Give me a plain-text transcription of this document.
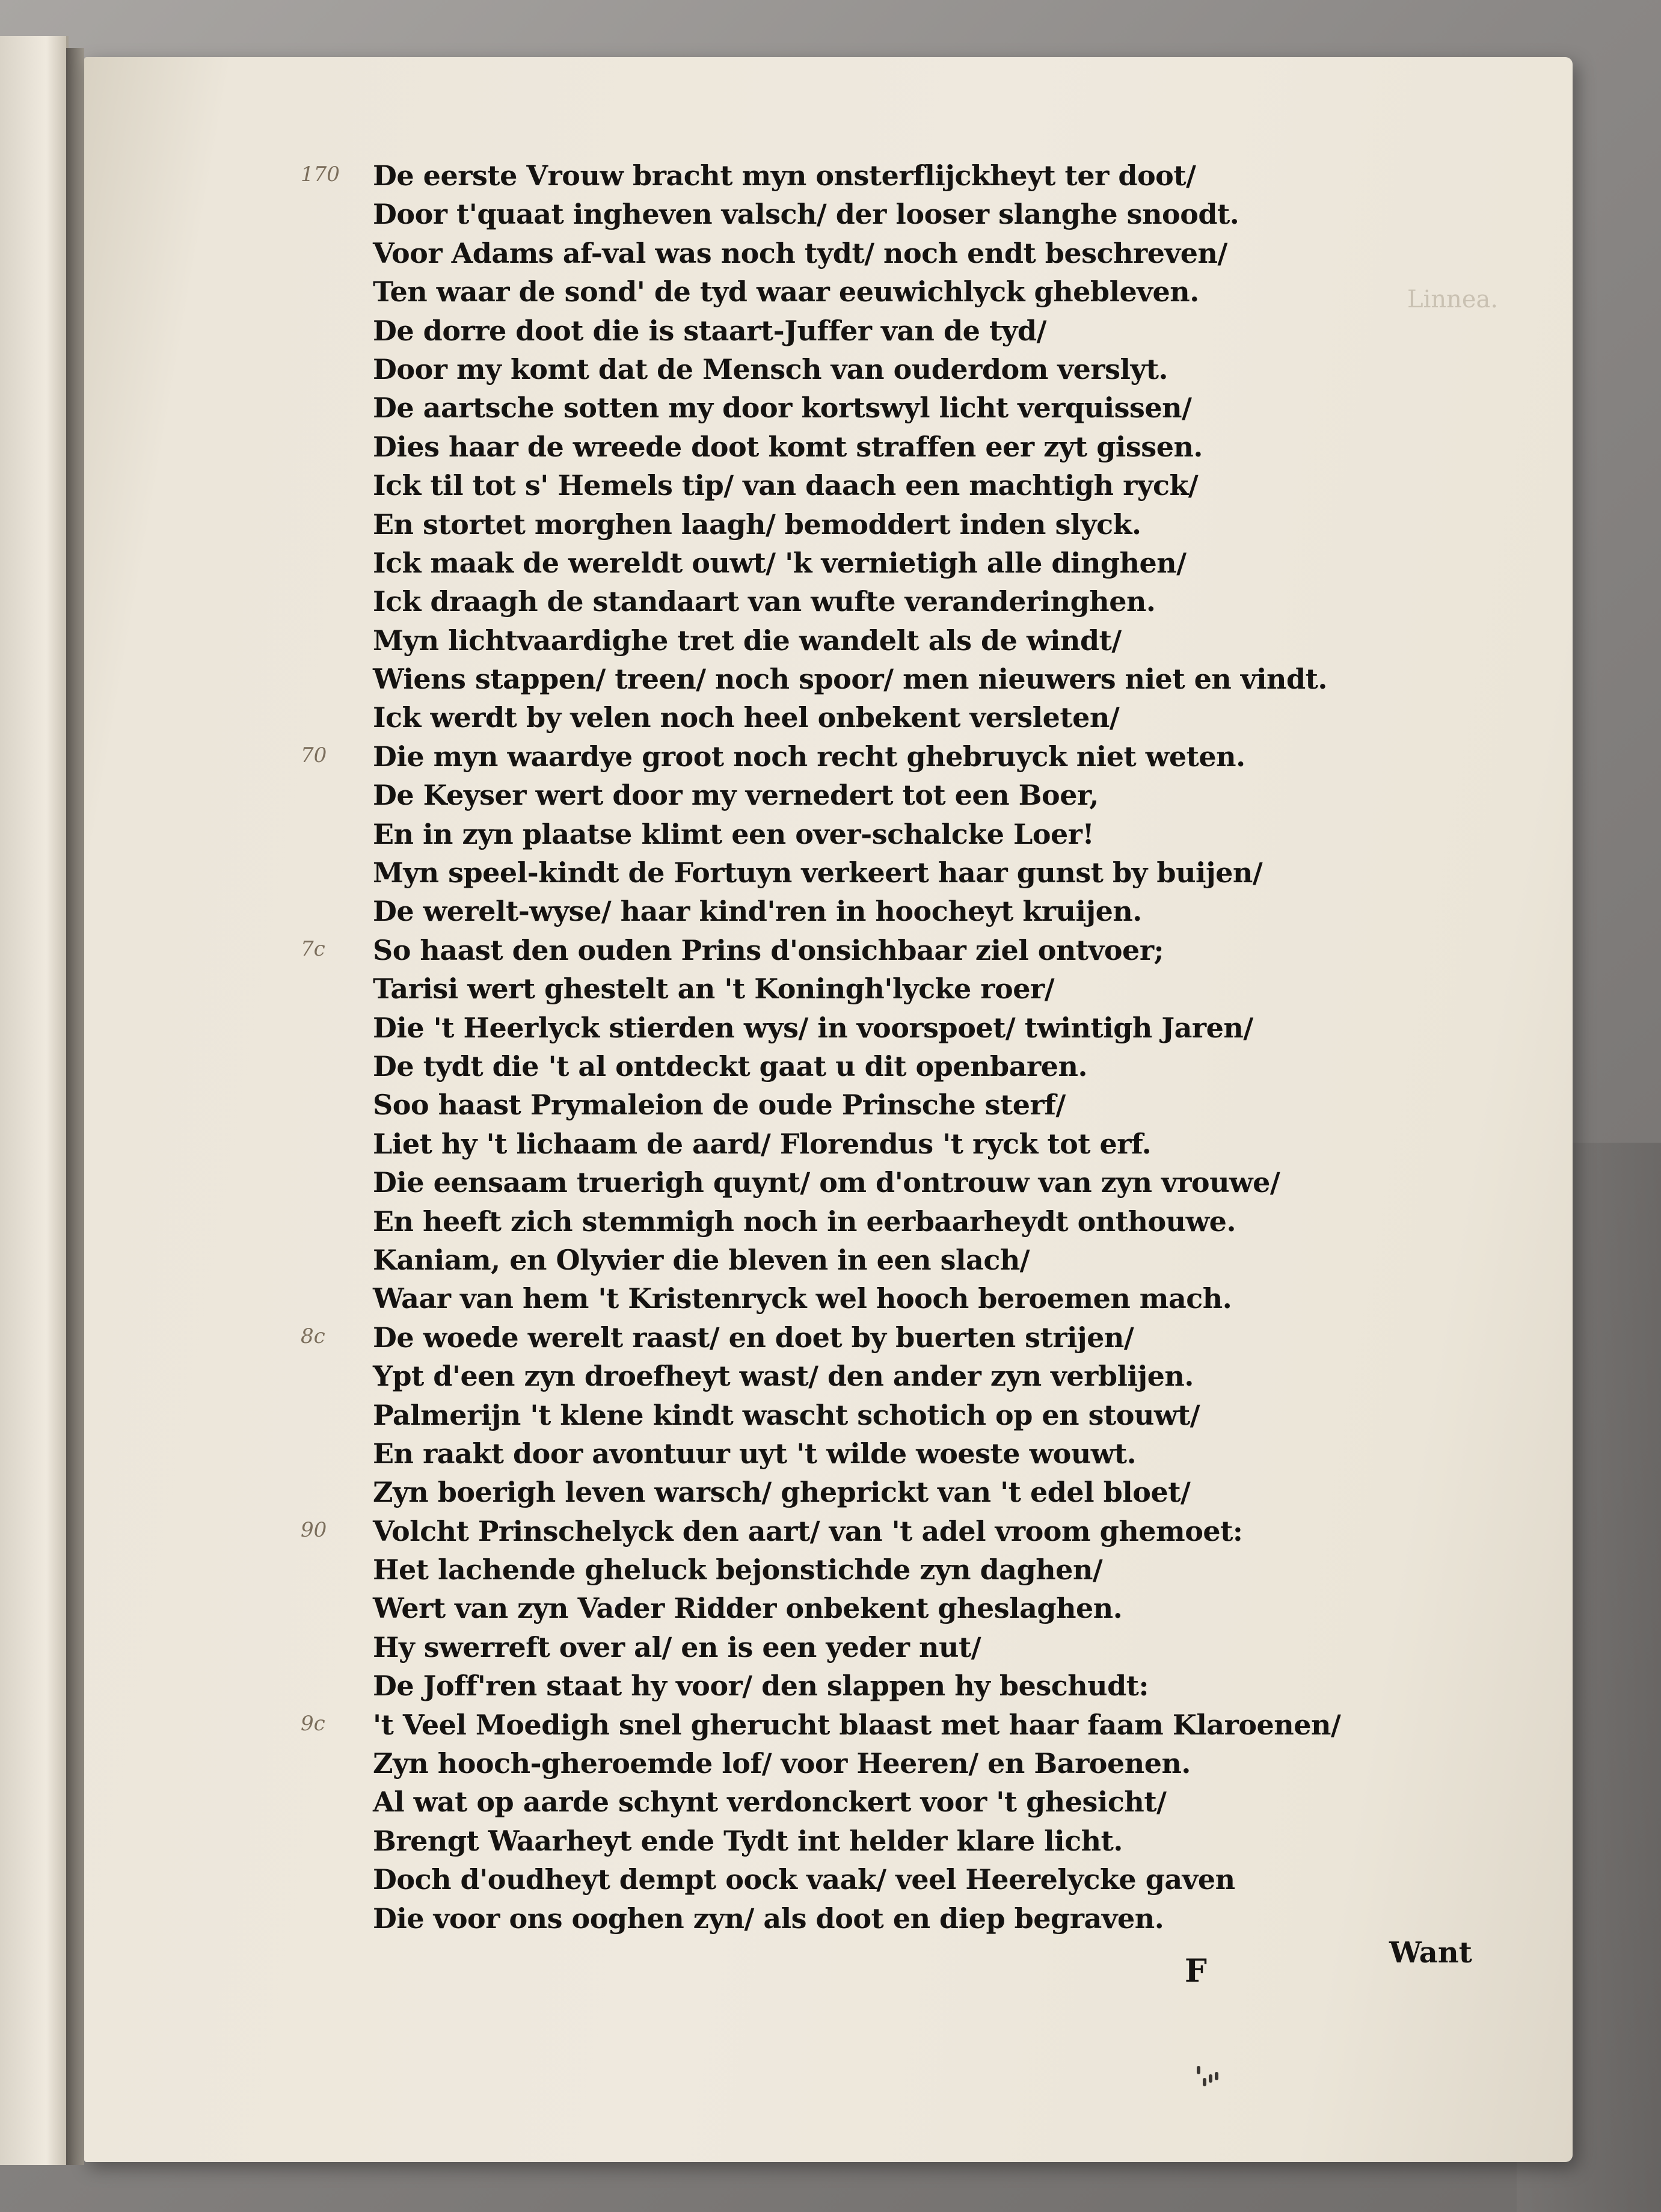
Linnea.
De eerste Vrouw bracht myn onsterflijckheyt ter doot/
Door t'quaat ingheven valsch/ der looser slanghe snoodt.
Voor Adams af-val was noch tydt/ noch endt beschreven/
Ten waar de sond' de tyd waar eeuwichlyck ghebleven.
De dorre doot die is staart-Juffer van de tyd/
Door my komt dat de Mensch van ouderdom verslyt.
De aartsche sotten my door kortswyl licht verquissen/
Dies haar de wreede doot komt straffen eer zyt gissen.
Ick til tot s' Hemels tip/ van daach een machtigh ryck/
En stortet morghen laagh/ bemoddert inden slyck.
Ick maak de wereldt ouwt/ 'k vernietigh alle dinghen/
Ick draagh de standaart van wufte veranderinghen.
Myn lichtvaardighe tret die wandelt als de windt/
Wiens stappen/ treen/ noch spoor/ men nieuwers niet en vindt.
Ick werdt by velen noch heel onbekent versleten/
Die myn waardye groot noch recht ghebruyck niet weten.
De Keyser wert door my vernedert tot een Boer,
En in zyn plaatse klimt een over-schalcke Loer!
Myn speel-kindt de Fortuyn verkeert haar gunst by buijen/
De werelt-wyse/ haar kind'ren in hoocheyt kruijen.
So haast den ouden Prins d'onsichbaar ziel ontvoer;
Tarisi wert ghestelt an 't Koningh'lycke roer/
Die 't Heerlyck stierden wys/ in voorspoet/ twintigh Jaren/
De tydt die 't al ontdeckt gaat u dit openbaren.
Soo haast Prymaleion de oude Prinsche sterf/
Liet hy 't lichaam de aard/ Florendus 't ryck tot erf.
Die eensaam truerigh quynt/ om d'ontrouw van zyn vrouwe/
En heeft zich stemmigh noch in eerbaarheydt onthouwe.
Kaniam, en Olyvier die bleven in een slach/
Waar van hem 't Kristenryck wel hooch beroemen mach.
De woede werelt raast/ en doet by buerten strijen/
Ypt d'een zyn droefheyt wast/ den ander zyn verblijen.
Palmerijn 't klene kindt wascht schotich op en stouwt/
En raakt door avontuur uyt 't wilde woeste wouwt.
Zyn boerigh leven warsch/ gheprickt van 't edel bloet/
Volcht Prinschelyck den aart/ van 't adel vroom ghemoet:
Het lachende gheluck bejonstichde zyn daghen/
Wert van zyn Vader Ridder onbekent gheslaghen.
Hy swerreft over al/ en is een yeder nut/
De Joff'ren staat hy voor/ den slappen hy beschudt:
't Veel Moedigh snel gherucht blaast met haar faam Klaroenen/
Zyn hooch-gheroemde lof/ voor Heeren/ en Baroenen.
Al wat op aarde schynt verdonckert voor 't ghesicht/
Brengt Waarheyt ende Tydt int helder klare licht.
Doch d'oudheyt dempt oock vaak/ veel Heerelycke gaven
Die voor ons ooghen zyn/ als doot en diep begraven.
170
70
7c
8c
90
9c
F	Want
